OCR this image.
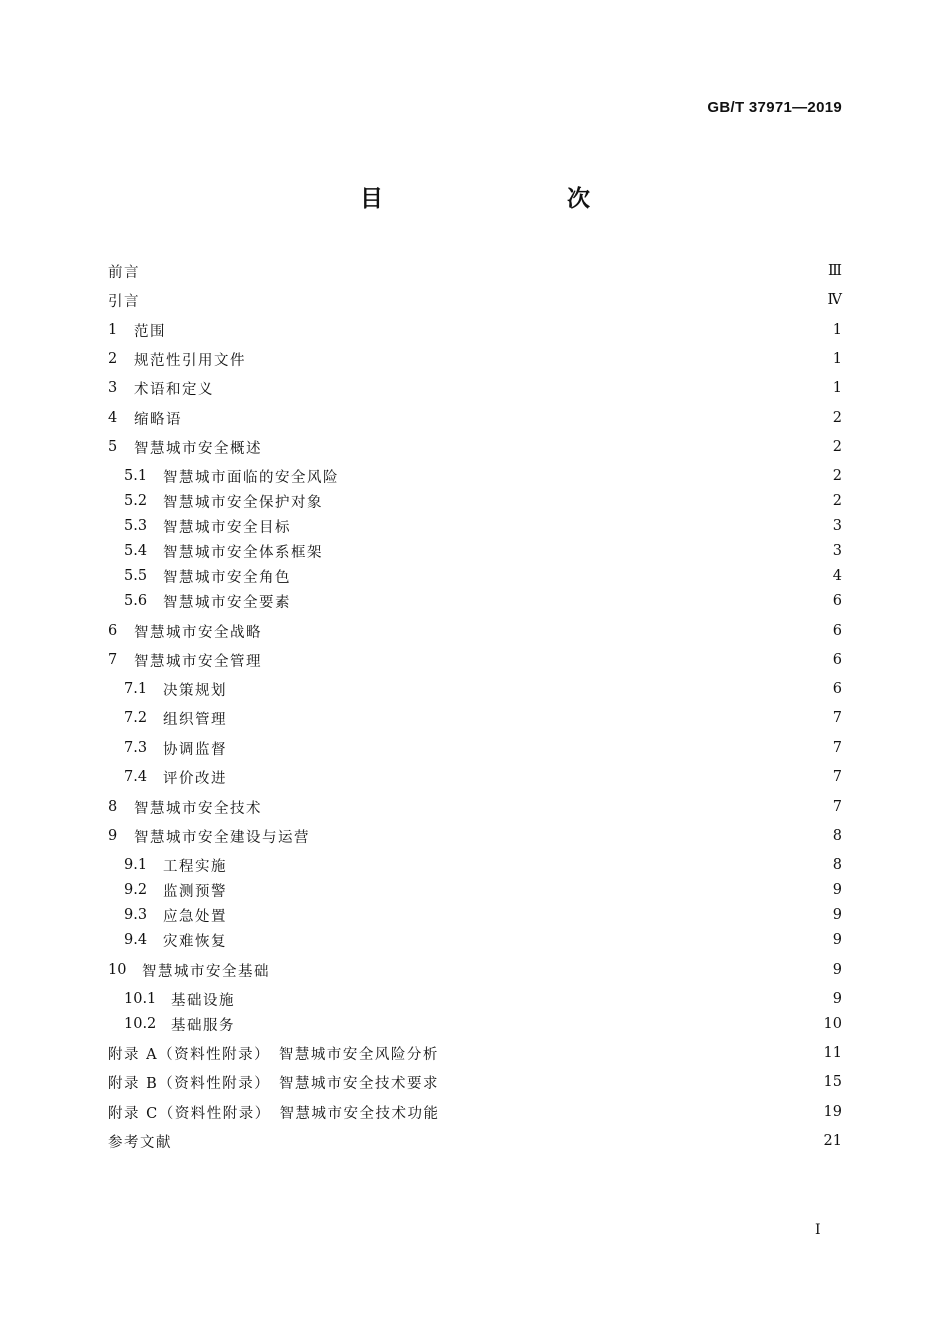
GB/T 37971—2019
目　　次
前言	Ⅲ
引言	Ⅳ
1	范围	1
2	规范性引用文件	1
3	术语和定义	1
4	缩略语	2
5	智慧城市安全概述	2
5.1	智慧城市面临的安全风险	2
5.2	智慧城市安全保护对象	2
5.3	智慧城市安全目标	3
5.4	智慧城市安全体系框架	3
5.5	智慧城市安全角色	4
5.6	智慧城市安全要素	6
6	智慧城市安全战略	6
7	智慧城市安全管理	6
7.1	决策规划	6
7.2	组织管理	7
7.3	协调监督	7
7.4	评价改进	7
8	智慧城市安全技术	7
9	智慧城市安全建设与运营	8
9.1	工程实施	8
9.2	监测预警	9
9.3	应急处置	9
9.4	灾难恢复	9
10	智慧城市安全基础	9
10.1	基础设施	9
10.2	基础服务	10
附录 A（资料性附录）　智慧城市安全风险分析	11
附录 B（资料性附录）　智慧城市安全技术要求	15
附录 C（资料性附录）　智慧城市安全技术功能	19
参考文献	21
Ⅰ
